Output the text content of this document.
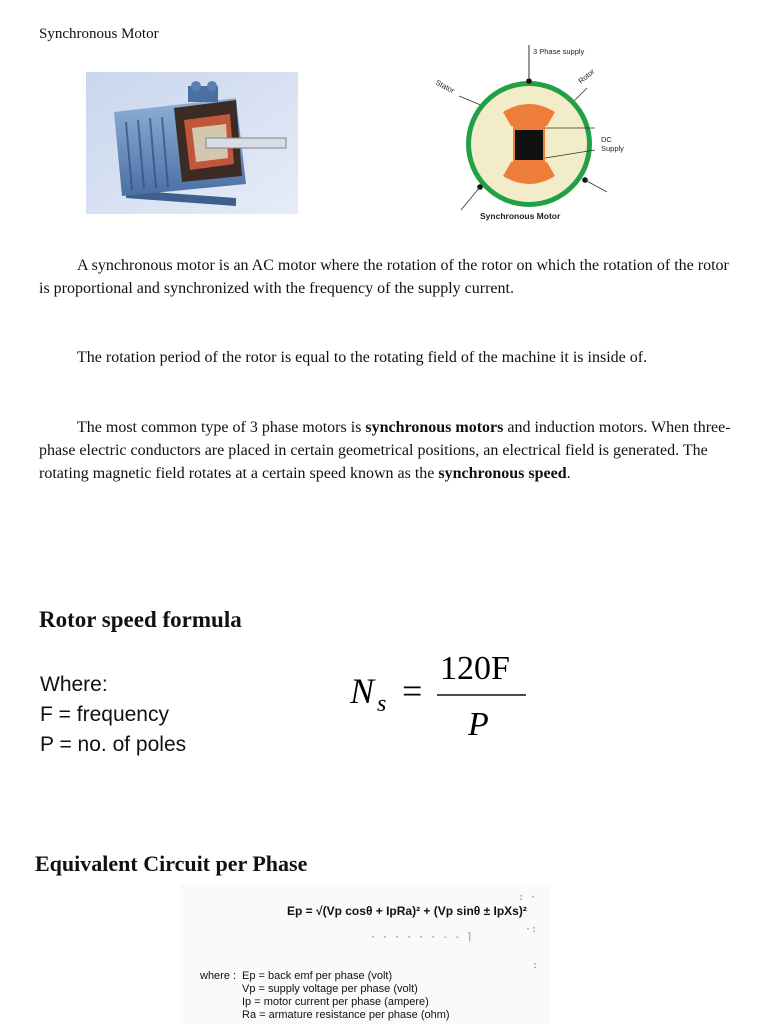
Synchronous Motor
3 Phase supply
Stator
Rotor
DC
Supply
Synchronous Motor
A synchronous motor is an AC motor where the rotation of the rotor on which the rotation of the rotor is proportional and synchronized with the frequency of the supply current.
The rotation period of the rotor is equal to the rotating field of the machine it is inside of.
The most common type of 3 phase motors is synchronous motors and induction motors. When three-phase electric conductors are placed in certain geometrical positions, an electrical field is generated. The rotating magnetic field rotates at a certain speed known as the synchronous speed.
Rotor speed formula
Where:
F = frequency
P = no. of poles
N s =
120F
P
Equivalent Circuit per Phase
: ·
·:
:
· · · · · · - - ⌉
Ep = √(Vp cosθ + IpRa)² + (Vp sinθ ± IpXs)²
where : Ep = back emf per phase (volt)
Vp = supply voltage per phase (volt)
Ip = motor current per phase (ampere)
Ra = armature resistance per phase (ohm)
